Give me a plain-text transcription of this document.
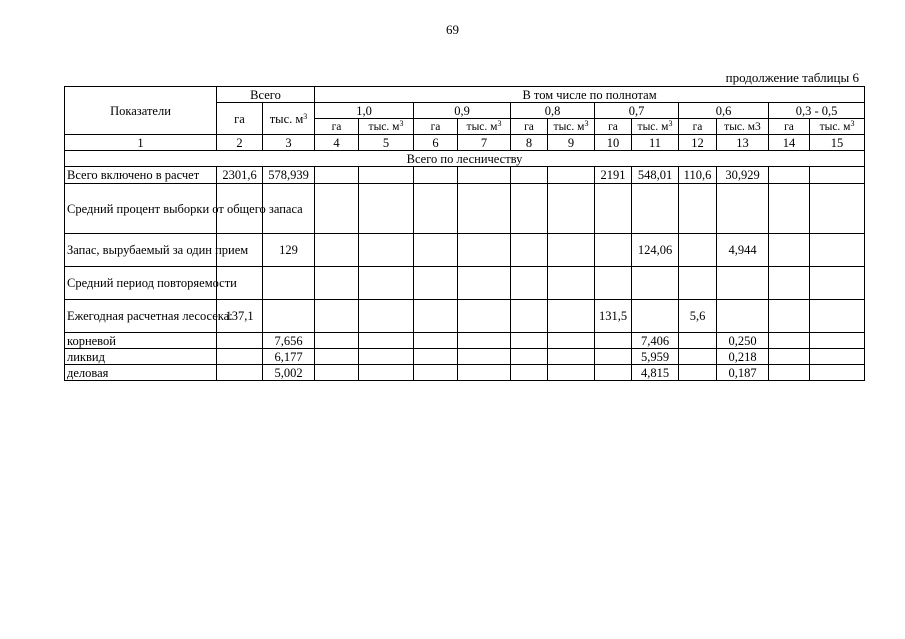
69
продолжение таблицы 6
Показатели	Всего		В том числе по полнотам											
	га	тыс. $м^3$	1,0		0,9		0,8		0,7		0,6		0,3 - 0,5	
			га	тыс. $м^3$	га	тыс. $м^3$	га	тыс. $м^3$	га	тыс. $м^3$	га	тыс. м3	га	тыс. $м^3$
1	2	3	4	5	6	7	8	9	10	11	12	13	14	15
Всего по лесничеству														
Всего включено в расчет	2301,6	578,939							2191	548,01	110,6	30,929		
Средний процент выборки от общего запаса														
Запас, вырубаемый за один прием		129								124,06		4,944		
Средний период повторяемости														
Ежегодная расчетная лесосека:	137,1								131,5		5,6			
корневой		7,656								7,406		0,250		
ликвид		6,177								5,959		0,218		
деловая		5,002								4,815		0,187		
